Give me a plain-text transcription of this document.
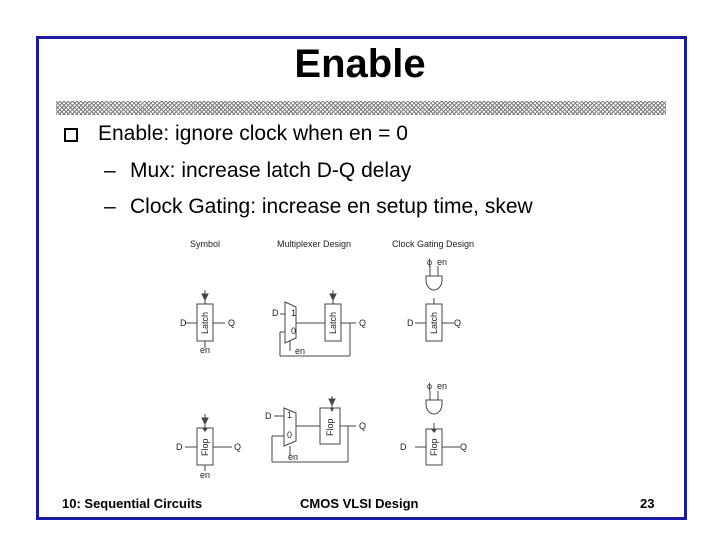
Enable
Enable: ignore clock when en = 0
– Mux: increase latch D-Q delay
– Clock Gating: increase en setup time, skew
Symbol	Multiplexer Design	Clock Gating Design
D	Q
en
Latch	D 1
0	Latch Q
en
ϕ en
D Latch Q
D Flop	Q
en
D 1
0	Flop	Q
en
ϕ en
D	Flop Q
10: Sequential Circuits	CMOS VLSI Design	23
